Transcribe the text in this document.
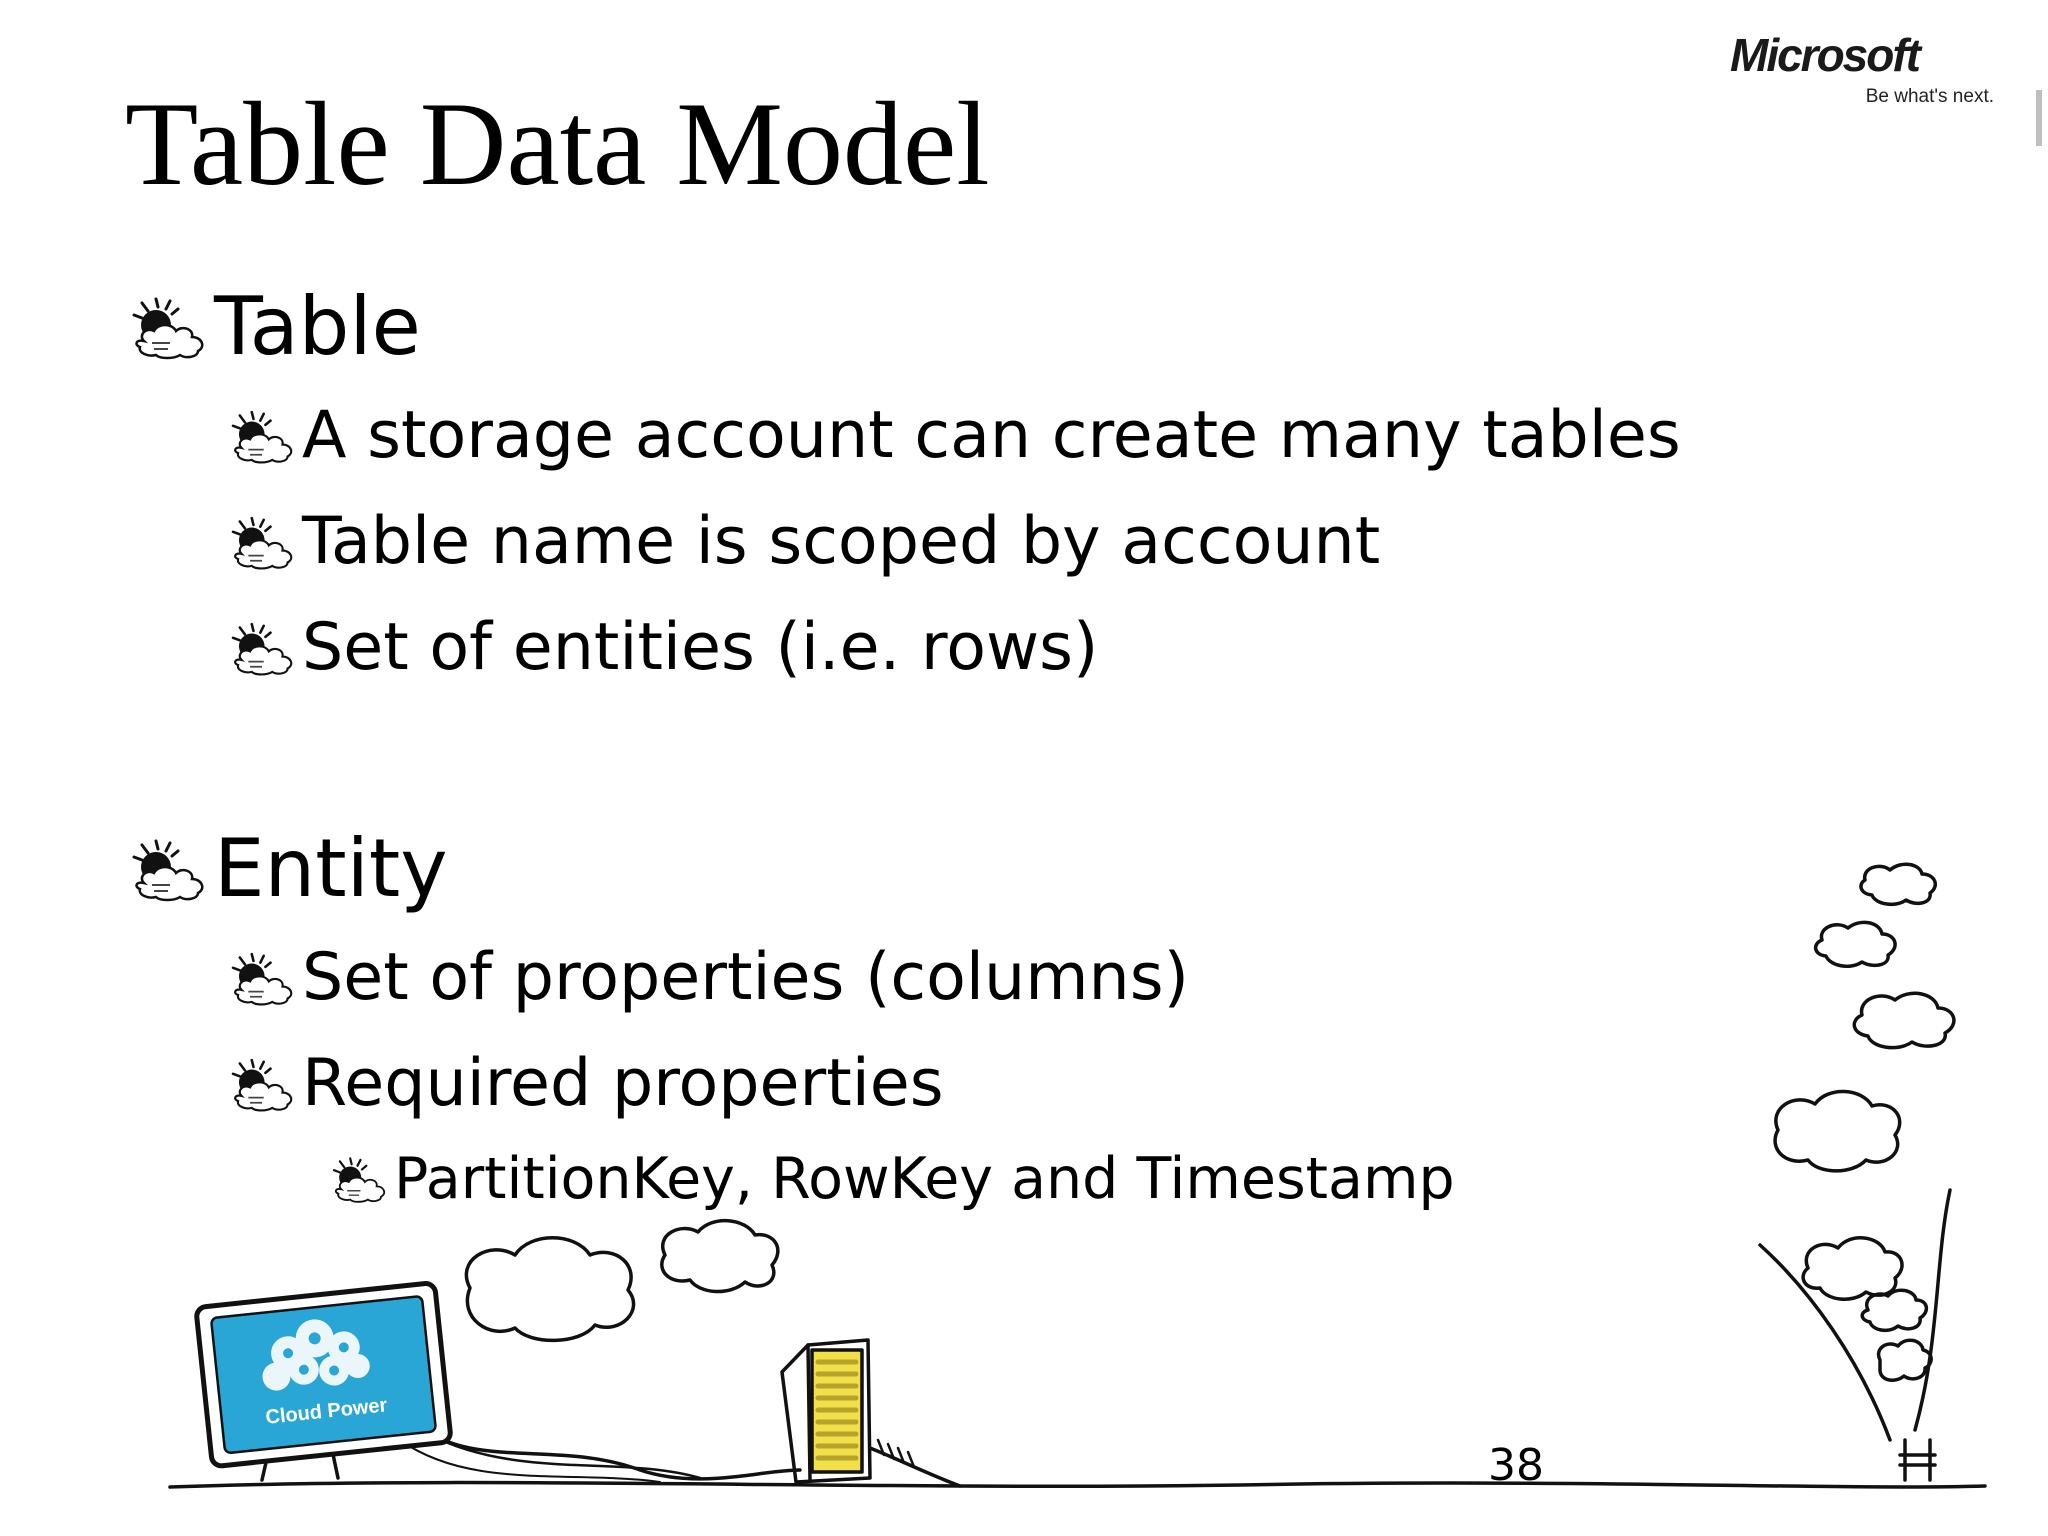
Cloud Power
Table Data Model
Microsoft
Be what's next.
Table
A storage account can create many tables
Table name is scoped by account
Set of entities (i.e. rows)
Entity
Set of properties (columns)
Required properties
PartitionKey, RowKey and Timestamp
38
